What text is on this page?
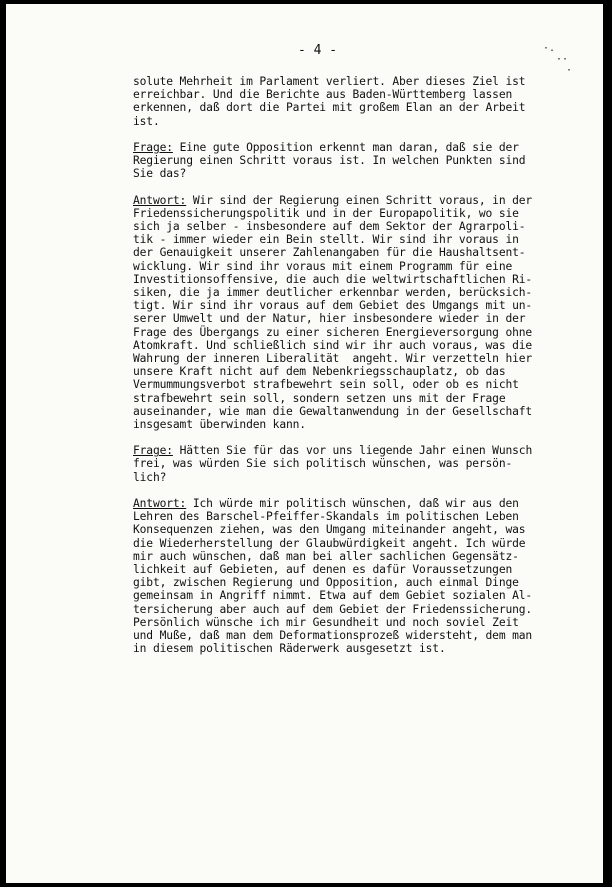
- 4 -	·.
··
·
solute Mehrheit im Parlament verliert. Aber dieses Ziel ist
erreichbar. Und die Berichte aus Baden-Württemberg lassen
erkennen, daß dort die Partei mit großem Elan an der Arbeit
ist.
Frage: Eine gute Opposition erkennt man daran, daß sie der
Regierung einen Schritt voraus ist. In welchen Punkten sind
Sie das?
Antwort: Wir sind der Regierung einen Schritt voraus, in der
Friedenssicherungspolitik und in der Europapolitik, wo sie
sich ja selber - insbesondere auf dem Sektor der Agrarpoli-
tik - immer wieder ein Bein stellt. Wir sind ihr voraus in
der Genauigkeit unserer Zahlenangaben für die Haushaltsent-
wicklung. Wir sind ihr voraus mit einem Programm für eine
Investitionsoffensive, die auch die weltwirtschaftlichen Ri-
siken, die ja immer deutlicher erkennbar werden, berücksich-
tigt. Wir sind ihr voraus auf dem Gebiet des Umgangs mit un-
serer Umwelt und der Natur, hier insbesondere wieder in der
Frage des Übergangs zu einer sicheren Energieversorgung ohne
Atomkraft. Und schließlich sind wir ihr auch voraus, was die
Wahrung der inneren Liberalität  angeht. Wir verzetteln hier
unsere Kraft nicht auf dem Nebenkriegsschauplatz, ob das
Vermummungsverbot strafbewehrt sein soll, oder ob es nicht
strafbewehrt sein soll, sondern setzen uns mit der Frage
auseinander, wie man die Gewaltanwendung in der Gesellschaft
insgesamt überwinden kann.
Frage: Hätten Sie für das vor uns liegende Jahr einen Wunsch
frei, was würden Sie sich politisch wünschen, was persön-
lich?
Antwort: Ich würde mir politisch wünschen, daß wir aus den
Lehren des Barschel-Pfeiffer-Skandals im politischen Leben
Konsequenzen ziehen, was den Umgang miteinander angeht, was
die Wiederherstellung der Glaubwürdigkeit angeht. Ich würde
mir auch wünschen, daß man bei aller sachlichen Gegensätz-
lichkeit auf Gebieten, auf denen es dafür Voraussetzungen
gibt, zwischen Regierung und Opposition, auch einmal Dinge
gemeinsam in Angriff nimmt. Etwa auf dem Gebiet sozialen Al-
tersicherung aber auch auf dem Gebiet der Friedenssicherung.
Persönlich wünsche ich mir Gesundheit und noch soviel Zeit
und Muße, daß man dem Deformationsprozeß widersteht, dem man
in diesem politischen Räderwerk ausgesetzt ist.
